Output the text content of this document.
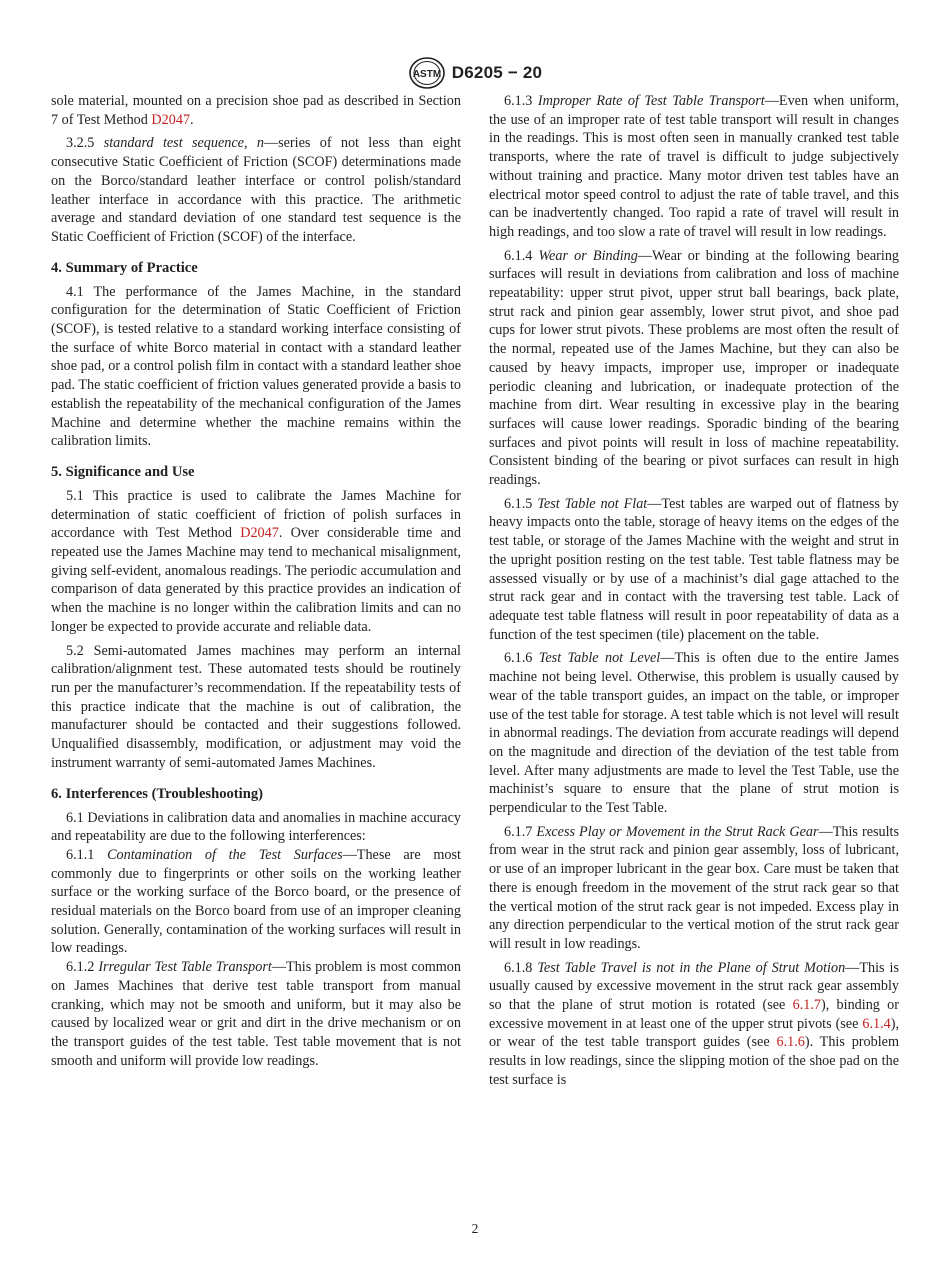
ASTM D6205 − 20

sole material, mounted on a precision shoe pad as described in Section 7 of Test Method D2047.

3.2.5 standard test sequence, n—series of not less than eight consecutive Static Coefficient of Friction (SCOF) determinations made on the Borco/standard leather interface or control polish/standard leather interface in accordance with this practice. The arithmetic average and standard deviation of one standard test sequence is the Static Coefficient of Friction (SCOF) of the interface.

4. Summary of Practice

4.1 The performance of the James Machine, in the standard configuration for the determination of Static Coefficient of Friction (SCOF), is tested relative to a standard working interface consisting of the surface of white Borco material in contact with a standard leather shoe pad, or a control polish film in contact with a standard leather shoe pad. The static coefficient of friction values generated provide a basis to establish the repeatability of the mechanical configuration of the James Machine and determine whether the machine remains within the calibration limits.

5. Significance and Use

5.1 This practice is used to calibrate the James Machine for determination of static coefficient of friction of polish surfaces in accordance with Test Method D2047. Over considerable time and repeated use the James Machine may tend to mechanical misalignment, giving self-evident, anomalous readings. The periodic accumulation and comparison of data generated by this practice provides an indication of when the machine is no longer within the calibration limits and can no longer be expected to provide accurate and reliable data.

5.2 Semi-automated James machines may perform an internal calibration/alignment test. These automated tests should be routinely run per the manufacturer’s recommendation. If the repeatability tests of this practice indicate that the machine is out of calibration, the manufacturer should be contacted and their suggestions followed. Unqualified disassembly, modification, or adjustment may void the instrument warranty of semi-automated James Machines.

6. Interferences (Troubleshooting)

6.1 Deviations in calibration data and anomalies in machine accuracy and repeatability are due to the following interferences:

6.1.1 Contamination of the Test Surfaces—These are most commonly due to fingerprints or other soils on the working leather surface or the working surface of the Borco board, or the presence of residual materials on the Borco board from use of an improper cleaning solution. Generally, contamination of the working surfaces will result in low readings.

6.1.2 Irregular Test Table Transport—This problem is most common on James Machines that derive test table transport from manual cranking, which may not be smooth and uniform, but it may also be caused by localized wear or grit and dirt in the drive mechanism or on the transport guides of the test table. Test table movement that is not smooth and uniform will provide low readings.

6.1.3 Improper Rate of Test Table Transport—Even when uniform, the use of an improper rate of test table transport will result in changes in the readings. This is most often seen in manually cranked test table transports, where the rate of travel is difficult to judge subjectively without training and practice. Many motor driven test tables have an electrical motor speed control to adjust the rate of table travel, and this can be inadvertently changed. Too rapid a rate of travel will result in high readings, and too slow a rate of travel will result in low readings.

6.1.4 Wear or Binding—Wear or binding at the following bearing surfaces will result in deviations from calibration and loss of machine repeatability: upper strut pivot, upper strut ball bearings, back plate, strut rack and pinion gear assembly, lower strut pivot, and shoe pad cups for lower strut pivots. These problems are most often the result of the normal, repeated use of the James Machine, but they can also be caused by heavy impacts, improper use, improper or inadequate periodic cleaning and lubrication, or inadequate protection of the machine from dirt. Wear resulting in excessive play in the bearing surfaces will cause lower readings. Sporadic binding of the bearing surfaces and pivot points will result in loss of machine repeatability. Consistent binding of the bearing or pivot surfaces can result in high readings.

6.1.5 Test Table not Flat—Test tables are warped out of flatness by heavy impacts onto the table, storage of heavy items on the edges of the test table, or storage of the James Machine with the weight and strut in the upright position resting on the test table. Test table flatness may be assessed visually or by use of a machinist’s dial gage attached to the strut rack gear and in contact with the traversing test table. Lack of adequate test table flatness will result in poor repeatability of data as a function of the test specimen (tile) placement on the table.

6.1.6 Test Table not Level—This is often due to the entire James machine not being level. Otherwise, this problem is usually caused by wear of the table transport guides, an impact on the table, or improper use of the test table for storage. A test table which is not level will result in abnormal readings. The deviation from accurate readings will depend on the magnitude and direction of the deviation of the test table from level. After many adjustments are made to level the Test Table, use the machinist’s square to ensure that the plane of strut motion is perpendicular to the Test Table.

6.1.7 Excess Play or Movement in the Strut Rack Gear—This results from wear in the strut rack and pinion gear assembly, loss of lubricant, or use of an improper lubricant in the gear box. Care must be taken that there is enough freedom in the movement of the strut rack gear so that the vertical motion of the strut rack gear is not impeded. Excess play in any direction perpendicular to the vertical motion of the strut rack gear will result in low readings.

6.1.8 Test Table Travel is not in the Plane of Strut Motion—This is usually caused by excessive movement in the strut rack gear assembly so that the plane of strut motion is rotated (see 6.1.7), binding or excessive movement in at least one of the upper strut pivots (see 6.1.4), or wear of the test table transport guides (see 6.1.6). This problem results in low readings, since the slipping motion of the shoe pad on the test surface is

2
